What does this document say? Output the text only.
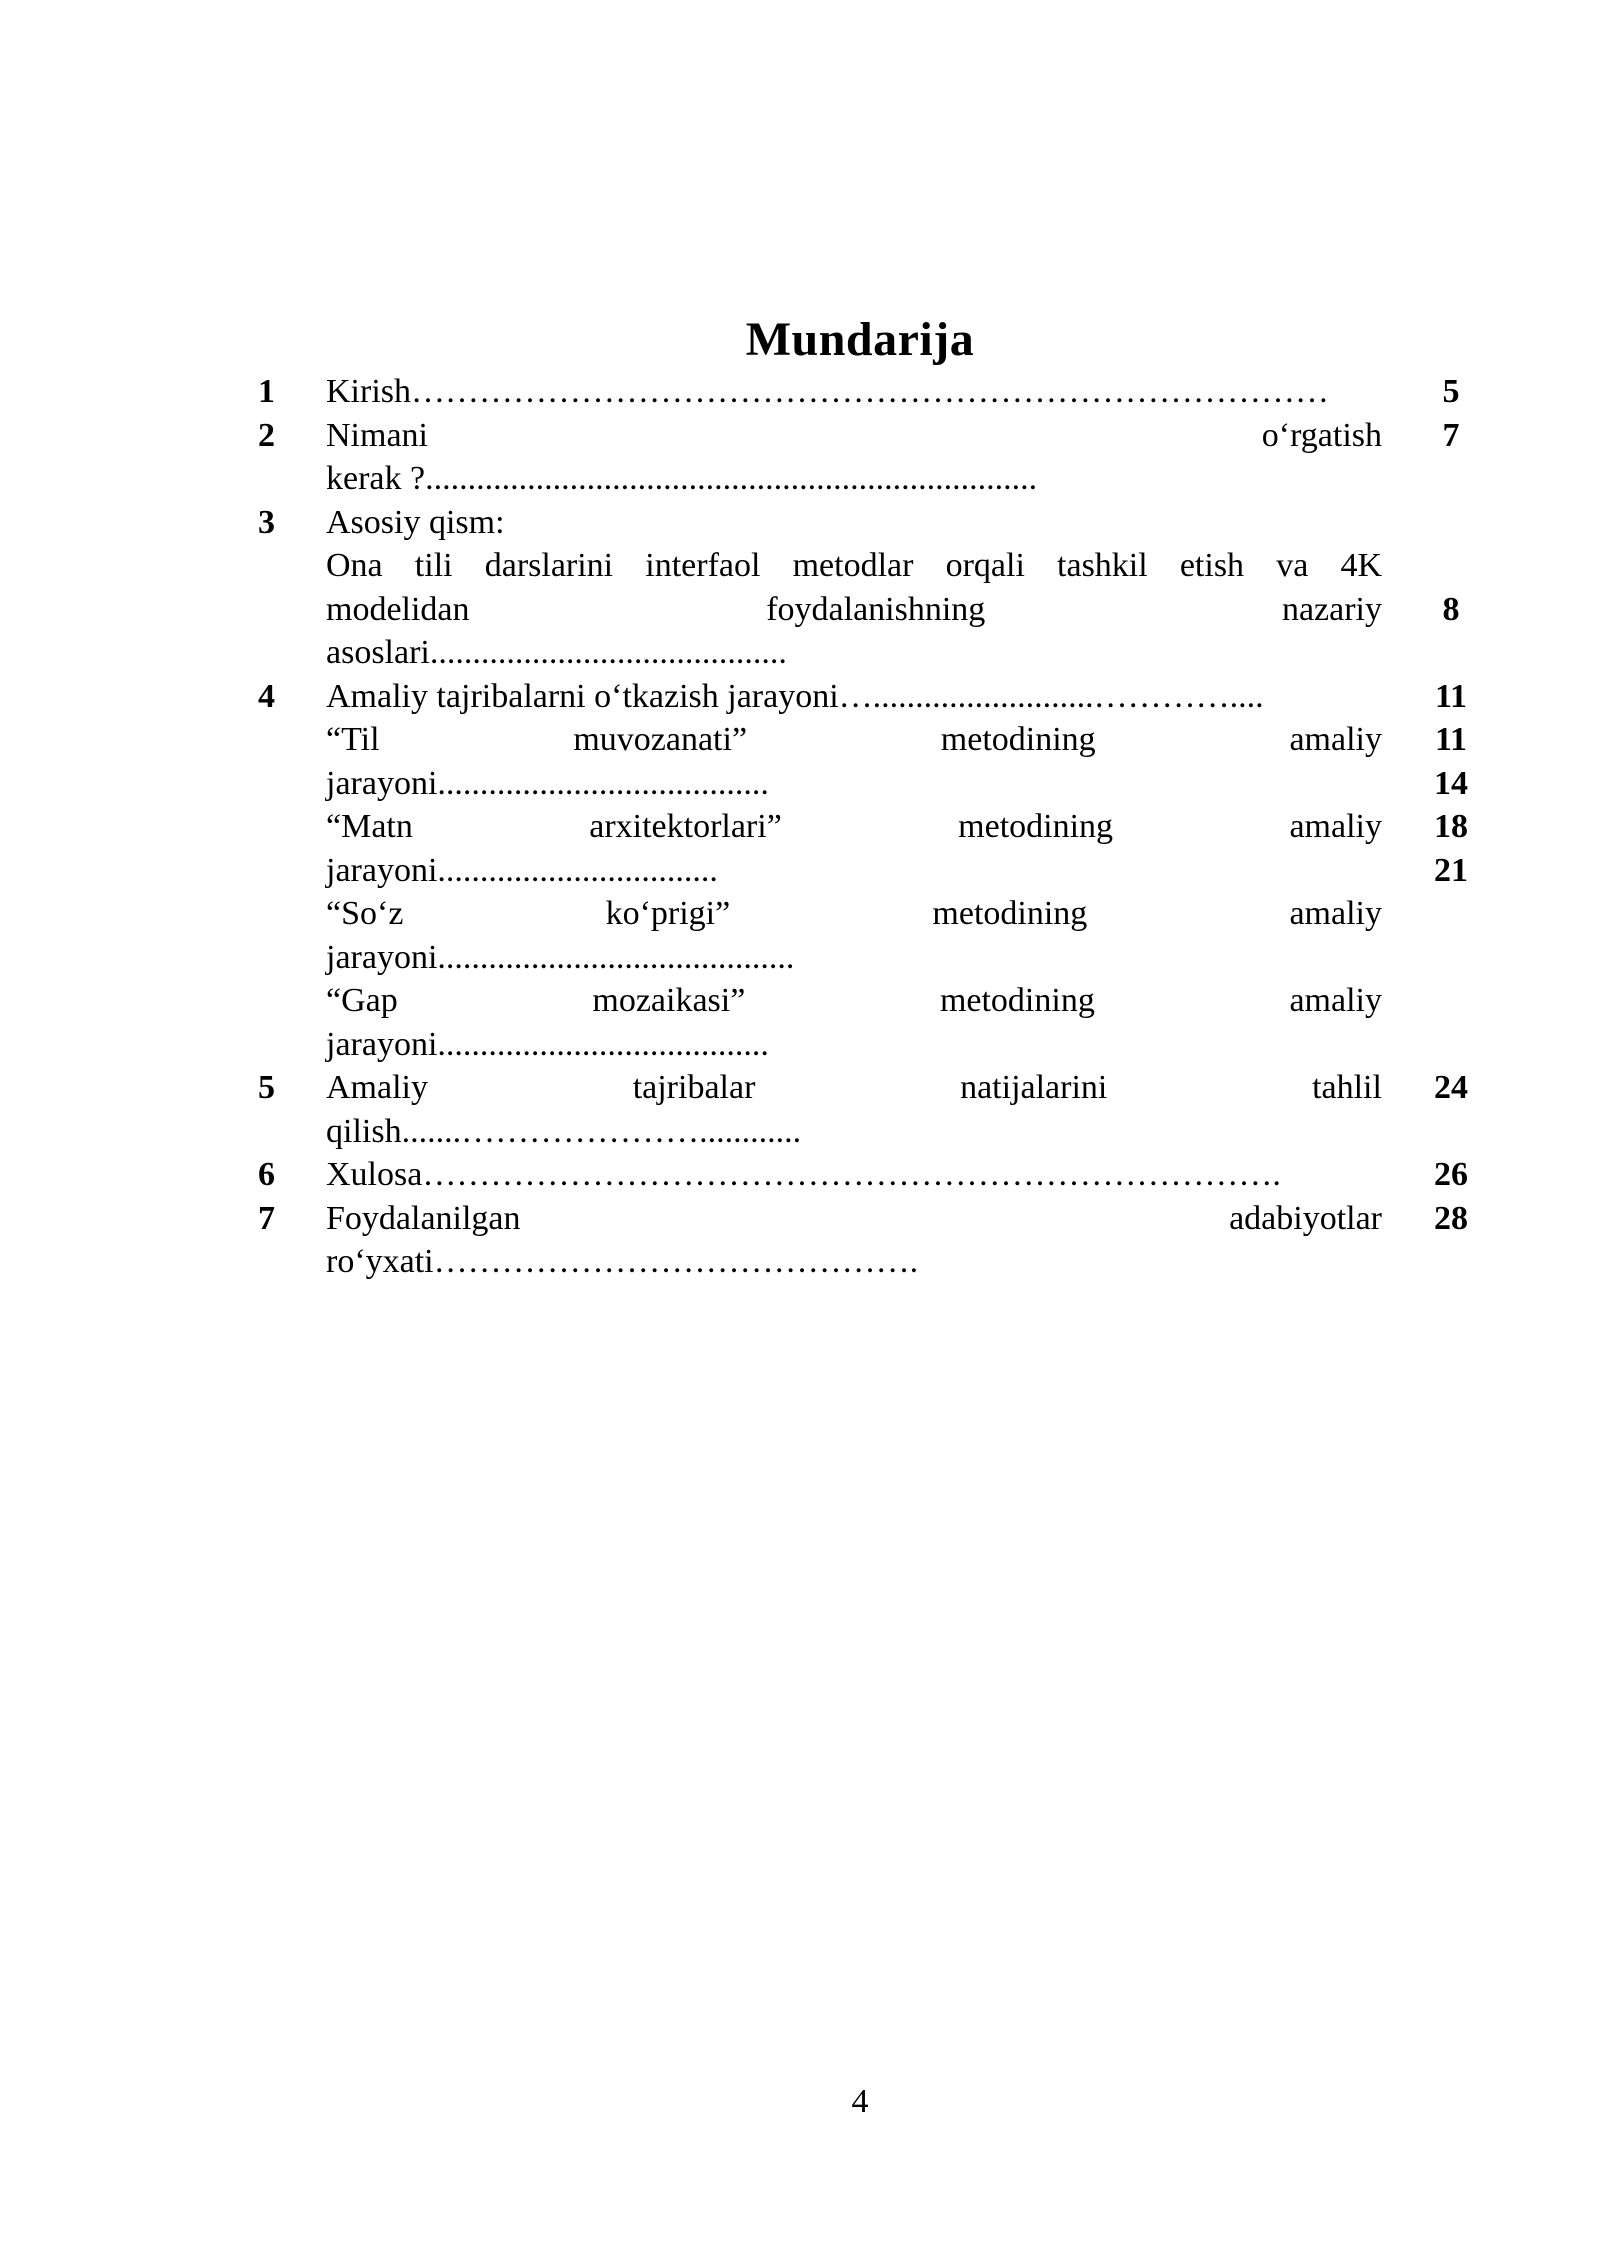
Mundarija
1 Kirish………………………………………………………………………	5
2 Nimani	o‘rgatish	7
kerak ?........................................................................
3 Asosiy qism:
Ona tili darslarini interfaol metodlar orqali tashkil etish va 4K
modelidan	foydalanishning	nazariy	8
asoslari..........................................
4 Amaliy tajribalarni o‘tkazish jarayoni…..........................…………....	11
“Til	muvozanati”	metodining	amaliy	11
jarayoni.......................................	14
“Matn	arxitektorlari”	metodining	amaliy	18
jarayoni.................................	21
“So‘z	ko‘prigi”	metodining	amaliy
jarayoni..........................................
“Gap	mozaikasi”	metodining	amaliy
jarayoni.......................................
5 Amaliy	tajribalar	natijalarini	tahlil	24
qilish.......…………………............
6 Xulosa………………………………………………………………….	26
7 Foydalanilgan	adabiyotlar	28
ro‘yxati…………………………………….
4
